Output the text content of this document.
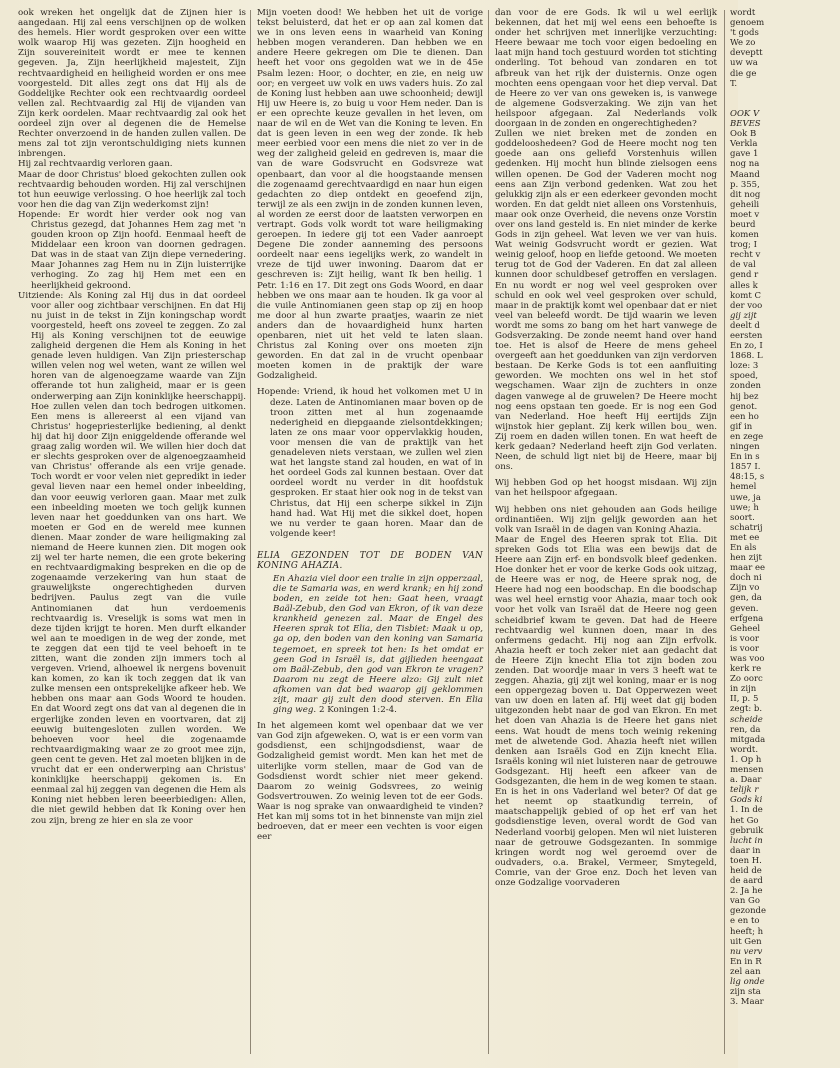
ook wreken het ongelijk dat de Zijnen hier is aangedaan. Hij zal eens verschijnen op de wolken des hemels. Hier wordt gesproken over een witte wolk waarop Hij was gezeten. Zijn hoogheid en Zijn souvereiniteit wordt er mee te kennen gegeven. Ja, Zijn heerlijkheid majesteit, Zijn rechtvaardigheid en heiligheid worden er ons mee voorgesteld. Dit alles zegt ons dat Hij als de Goddelijke Rechter ook een rechtvaardig oordeel vellen zal. Rechtvaardig zal Hij de vijanden van Zijn kerk oordelen. Maar rechtvaardig zal ook het oordeel zijn over al degenen die de Hemelse Rechter onverzoend in de handen zullen vallen. De mens zal tot zijn verontschuldiging niets kunnen inbrengen.

Hij zal rechtvaardig verloren gaan.

Maar de door Christus' bloed gekochten zullen ook rechtvaardig behouden worden. Hij zal verschijnen tot hun eeuwige verlossing. O hoe heerlijk zal toch voor hen die dag van Zijn wederkomst zijn!

Hopende: Er wordt hier verder ook nog van Christus gezegd, dat Johannes Hem zag met 'n gouden kroon op Zijn hoofd. Eenmaal heeft de Middelaar een kroon van doornen gedragen. Dat was in de staat van Zijn diepe vernedering. Maar Johannes zag Hem nu in Zijn luisterrijke verhoging. Zo zag hij Hem met een en heerlijkheid gekroond.

Uitziende: Als Koning zal Hij dus in dat oordeel voor aller oog zichtbaar verschijnen. En dat Hij nu juist in de tekst in Zijn koningschap wordt voorgesteld, heeft ons zoveel te zeggen. Zo zal Hij als Koning verschijnen tot de eeuwige zaligheid dergenen die Hem als Koning in het genade leven huldigen. Van Zijn priesterschap willen velen nog wel weten, want ze willen wel horen van de algenoegzame waarde van Zijn offerande tot hun zaligheid, maar er is geen onderwerping aan Zijn koninklijke heerschappij. Hoe zullen velen dan toch bedrogen uitkomen. Een mens is allereerst al een vijand van Christus' hogepriesterlijke bediening, al denkt hij dat hij door Zijn eniggeldende offerande wel graag zalig worden wil. We willen hier doch dat er slechts gesproken over de algenoegzaamheid van Christus' offerande als een vrije genade. Toch wordt er voor velen niet gepredikt in ieder geval lieven naar een hemel onder inbeelding, dan voor eeuwig verloren gaan. Maar met zulk een inbeelding moeten we toch gelijk kunnen leven naar het goeddunken van ons hart. We moeten er God en de wereld mee kunnen dienen. Maar zonder de ware heiligmaking zal niemand de Heere kunnen zien. Dit mogen ook zij wel ter harte nemen, die een grote bekering en rechtvaardigmaking bespreken en die op de zogenaamde verzekering van hun staat de grauwelijkste ongerechtigheden durven bedrijven. Paulus zegt van die vuile Antinomianen dat hun verdoemenis rechtvaardig is. Vreselijk is soms wat men in deze tijden krijgt te horen. Men durft elkander wel aan te moedigen in de weg der zonde, met te zeggen dat een tijd te veel behoeft in te zitten, want die zonden zijn immers toch al vergeven. Vriend, alhoewel ik nergens bovenuit kan komen, zo kan ik toch zeggen dat ik van zulke mensen een ontsprekelijke afkeer heb. We hebben ons maar aan Gods Woord te houden. En dat Woord zegt ons dat van al degenen die in ergerlijke zonden leven en voortvaren, dat zij eeuwig buitengesloten zullen worden. We behoeven voor heel die zogenaamde rechtvaardigmaking waar ze zo groot mee zijn, geen cent te geven. Het zal moeten blijken in de vrucht dat er een onderwerping aan Christus' koninklijke heerschappij gekomen is. En eenmaal zal hij zeggen van degenen die Hem als Koning niet hebben leren beeerbiedigen: Allen, die niet gewild hebben dat Ik Koning over hen zou zijn, breng ze hier en sla ze voor

Mijn voeten dood! We hebben het uit de vorige tekst beluisterd, dat het er op aan zal komen dat we in ons leven eens in waarheid van Koning hebben mogen veranderen. Dan hebben we en andere Heere gekregen om Die te dienen. Dan heeft het voor ons gegolden wat we in de 45e Psalm lezen: Hoor, o dochter, en zie, en neig uw oor; en vergeet uw volk en uws vaders huis. Zo zal de Koning lust hebben aan uwe schoonheid; dewijl Hij uw Heere is, zo buig u voor Hem neder. Dan is er een oprechte keuze gevallen in het leven, om naar de wil en de Wet van die Koning te leven. En dat is geen leven in een weg der zonde. Ik heb meer eerbied voor een mens die niet zo ver in de weg der zaligheid geleid en gedreven is, maar die van de ware Godsvrucht en Godsvreze wat openbaart, dan voor al die hoogstaande mensen die zogenaamd gerechtvaardigd en naar hun eigen gedachten zo diep ontdekt en geoefend zijn, terwijl ze als een zwijn in de zonden kunnen leven, al worden ze eerst door de laatsten verworpen en vertrapt. Gods volk wordt tot ware heiligmaking geroepen. In iedere gij tot een Vader aanroept Degene Die zonder aanneming des persoons oordeelt naar eens iegelijks werk, zo wandelt in vreze de tijd uwer inwoning. Daarom dat er geschreven is: Zijt heilig, want Ik ben heilig. 1 Petr. 1:16 en 17. Dit zegt ons Gods Woord, en daar hebben we ons maar aan te houden. Ik ga voor al die vuile Antinomianen geen stap op zij en hoop me door al hun zwarte praatjes, waarin ze niet anders dan de hovaardigheid hunx harten openbaren, niet uit het veld te laten slaan. Christus zal Koning over ons moeten zijn geworden. En dat zal in de vrucht openbaar moeten komen in de praktijk der ware Godzaligheid.

Hopende: Vriend, ik houd het volkomen met U in deze. Laten de Antinomianen maar boven op de troon zitten met al hun zogenaamde nederigheid en diepgaande zielsontdekkingen; laten ze ons maar voor oppervlakkig houden, voor mensen die van de praktijk van het genadeleven niets verstaan, we zullen wel zien wat het langste stand zal houden, en wat of in het oordeel Gods zal kunnen bestaan. Over dat oordeel wordt nu verder in dit hoofdstuk gesproken. Er staat hier ook nog in de tekst van Christus, dat Hij een scherpe sikkel in Zijn hand had. Wat Hij met die sikkel doet, hopen we nu verder te gaan horen. Maar dan de volgende keer!

ELIA GEZONDEN TOT DE BODEN VAN KONING AHAZIA.

En Ahazia viel door een tralie in zijn opperzaal, die te Samaria was, en werd krank; en hij zond boden, en zeide tot hen: Gaat heen, vraagt Baäl-Zebub, den God van Ekron, of ik van deze krankheid genezen zal. Maar de Engel des Heeren sprak tot Elia, den Tisbiet: Maak u op, ga op, den boden van den koning van Samaria tegemoet, en spreek tot hen: Is het omdat er geen God in Israël is, dat gijlieden heengaat om Baäl-Zebub, den god van Ekron te vragen? Daarom nu zegt de Heere alzo: Gij zult niet afkomen van dat bed waarop gij geklommen zijt, maar gij zult den dood sterven. En Elia ging weg. 2 Koningen 1:2-4.

In het algemeen komt wel openbaar dat we ver van God zijn afgeweken. O, wat is er een vorm van godsdienst, een schijngodsdienst, waar de Godzaligheid gemist wordt. Men kan het met de uiterlijke vorm stellen, maar de God van de Godsdienst wordt schier niet meer gekend. Daarom zo weinig Godsvrees, zo weinig Godsvertrouwen. Zo weinig leven tot de eer Gods. Waar is nog sprake van onwaardigheid te vinden? Het kan mij soms tot in het binnenste van mijn ziel bedroeven, dat er meer een vechten is voor eigen eer

dan voor de ere Gods. Ik wil u wel eerlijk bekennen, dat het mij wel eens een behoefte is onder het schrijven met innerlijke verzuchting: Heere bewaar me toch voor eigen bedoeling en laat mijn hand toch gestuurd worden tot stichting onderling. Tot behoud van zondaren en tot afbreuk van het rijk der duisternis. Onze ogen mochten eens opengaan voor het diep verval. Dat de Heere zo ver van ons geweken is, is vanwege de algemene Godsverzaking. We zijn van het heilspoor afgegaan. Zal Nederlands volk doorgaan in de zonden en ongerechtigheden?

Zullen we niet breken met de zonden en goddelooshedeen? God de Heere mocht nog ten goede aan ons geliefd Vorstenhuis willen gedenken. Hij mocht hun blinde zielsogen eens willen openen. De God der Vaderen mocht nog eens aan Zijn verbond gedenken. Wat zou het gelukkig zijn als er een ederkeer gevonden mocht worden. En dat geldt niet alleen ons Vorstenhuis, maar ook onze Overheid, die nevens onze Vorstin over ons land gesteld is. En niet minder de kerke Gods in zijn geheel. Wat leven we ver van huis. Wat weinig Godsvrucht wordt er gezien. Wat weinig geloof, hoop en liefde getoond. We moeten terug tot de God der Vaderen. En dat zal alleen kunnen door schuldbesef getroffen en verslagen. En nu wordt er nog wel veel gesproken over schuld en ook wel veel gesproken over schuld, maar in de praktijk komt wel openbaar dat er niet veel van beleefd wordt. De tijd waarin we leven wordt me soms zo bang om het hart vanwege de Godsverzaking. De zonde neemt hand over hand toe. Het is alsof de Heere de mens geheel overgeeft aan het goeddunken van zijn verdorven bestaan. De Kerke Gods is tot een aanfluiting geworden. We mochten ons wel in het stof wegschamen. Waar zijn de zuchters in onze dagen vanwege al de gruwelen? De Heere mocht nog eens opstaan ten goede. Er is nog een God van Nederland. Hoe heeft Hij eertijds Zijn wijnstok hier geplant. Zij kerk willen bou_ wen. Zij roem en daden willen tonen. En wat heeft de kerk gedaan? Nederland heeft zijn God verlaten. Neen, de schuld ligt niet bij de Heere, maar bij ons.

Wij hebben God op het hoogst misdaan. Wij zijn van het heilspoor afgegaan.

Wij hebben ons niet gehouden aan Gods heilige ordinantiëen. Wij zijn gelijk geworden aan het volk van Israël in de dagen van Koning Ahazia.

Maar de Engel des Heeren sprak tot Elia. Dit spreken Gods tot Elia was een bewijs dat de Heere aan Zijn erf- en bondsvolk bleef gedenken. Hoe donker het er voor de kerke Gods ook uitzag, de Heere was er nog, de Heere sprak nog, de Heere had nog een boodschap. En die boodschap was wel heel ernstig voor Ahazia, maar toch ook voor het volk van Israël dat de Heere nog geen scheidbrief kwam te geven. Dat had de Heere rechtvaardig wel kunnen doen, maar in des onfermens gedacht. Hij nog aan Zijn erfvolk. Ahazia heeft er toch zeker niet aan gedacht dat de Heere Zijn knecht Elia tot zijn boden zou zenden. Dat woordje maar in vers 3 heeft wat te zeggen. Ahazia, gij zijt wel koning, maar er is nog een oppergezag boven u. Dat Opperwezen weet van uw doen en laten af. Hij weet dat gij boden uitgezonden hebt naar de god van Ekron. En met het doen van Ahazia is de Heere het gans niet eens. Wat houdt de mens toch weinig rekening met de alwetende God. Ahazia heeft niet willen denken aan Israëls God en Zijn knecht Elia. Israëls koning wil niet luisteren naar de getrouwe Godsgezant. Hij heeft een afkeer van de Godsgezanten, die hem in de weg komen te staan. En is het in ons Vaderland wel beter? Of dat ge het neemt op staatkundig terrein, of maatschappelijk gebied of op het erf van het godsdienstige leven, overal wordt de God van Nederland voorbij gelopen. Men wil niet luisteren naar de getrouwe Godsgezanten. In sommige kringen wordt nog wel geroemd over de oudvaders, o.a. Brakel, Vermeer, Smytegeld, Comrie, van der Groe enz. Doch het leven van onze Godzalige voorvaderen

wordt
genoem
't gods
We zo
deveptt
uw wa
die ge
T.

OOK V
BEVES
Ook B
Verkla
gave 1
nog na
Maand
p. 355,
dit nog
geheili
moet v
beurd
komen
trog; I
recht v
de val
gend r
alles k
komt C
der voo
gij zijt
deelt d
eersten
En zo, I
1868. L
loze: 3
spoed,
zonden
hij bez
genot.
een ho
gif in
en zege
ningen
En in s
1857 I.
48:15, s
hemel
uwe, ja
uwe; h
soort.
schatrij
met ee
En als
hen zijt
maar ee
doch ni
Zijn vo
gen, da
geven.
erfgena
Geheel
is voor
is voor
was voo
kerk re
Zo oorc
in zijn
II, p. 5
zegt: b.
scheide
ren, da
mitgada
wordt.
1. Op h
mensen
a. Daar
telijk r
Gods ki
1. In de
het Go
gebruik
lucht in
daar in
toen H.
heid de
de aard
2. Ja he
van Go
gezonde
e en to
heeft; h
uit Gen
nu verv
En in R
zel aan
lig onde
zijn sta
3. Maar
